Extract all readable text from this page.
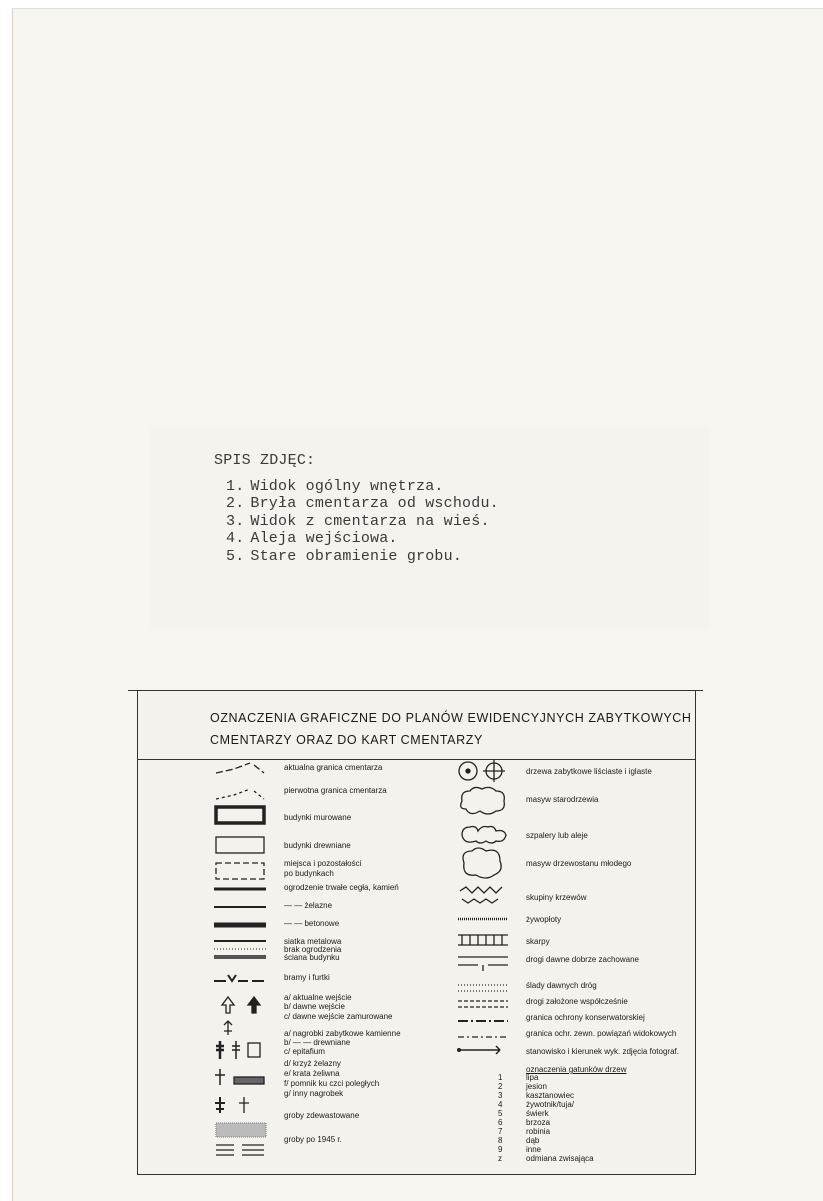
SPIS ZDJĘC:
1. Widok ogólny wnętrza.
2. Bryła cmentarza od wschodu.
3. Widok z cmentarza na wieś.
4. Aleja wejściowa.
5. Stare obramienie grobu.
OZNACZENIA GRAFICZNE DO PLANÓW EWIDENCYJNYCH ZABYTKOWYCH
CMENTARZY ORAZ DO KART CMENTARZY
aktualna granica cmentarza
pierwotna granica cmentarza
budynki murowane
budynki drewniane
miejsca i pozostałości
po budynkach
ogrodzenie trwałe cegła, kamień
— — żelazne
— — betonowe
siatka metalowa
brak ogrodzenia
ściana budynku
bramy i furtki
a/ aktualne wejście
b/ dawne wejście
c/ dawne wejście zamurowane
a/ nagrobki zabytkowe kamienne
b/ — — drewniane
c/ epitafium
d/ krzyż żelazny
e/ krata żeliwna
f/ pomnik ku czci poległych
g/ inny nagrobek
groby zdewastowane
groby po 1945 r.
drzewa zabytkowe liściaste i iglaste
masyw starodrzewia
szpalery lub aleje
masyw drzewostanu młodego
skupiny krzewów
żywopłoty
skarpy
drogi dawne dobrze zachowane
ślady dawnych dróg
drogi założone współcześnie
granica ochrony konserwatorskiej
granica ochr. zewn. powiązań widokowych
stanowisko i kierunek wyk. zdjęcia fotograf.
oznaczenia gatunków drzew
1	lipa
2	jesion
3	kasztanowiec
4	żywotnik/tuja/
5	świerk
6	brzoza
7	robinia
8	dąb
9	inne
z	odmiana zwisająca
